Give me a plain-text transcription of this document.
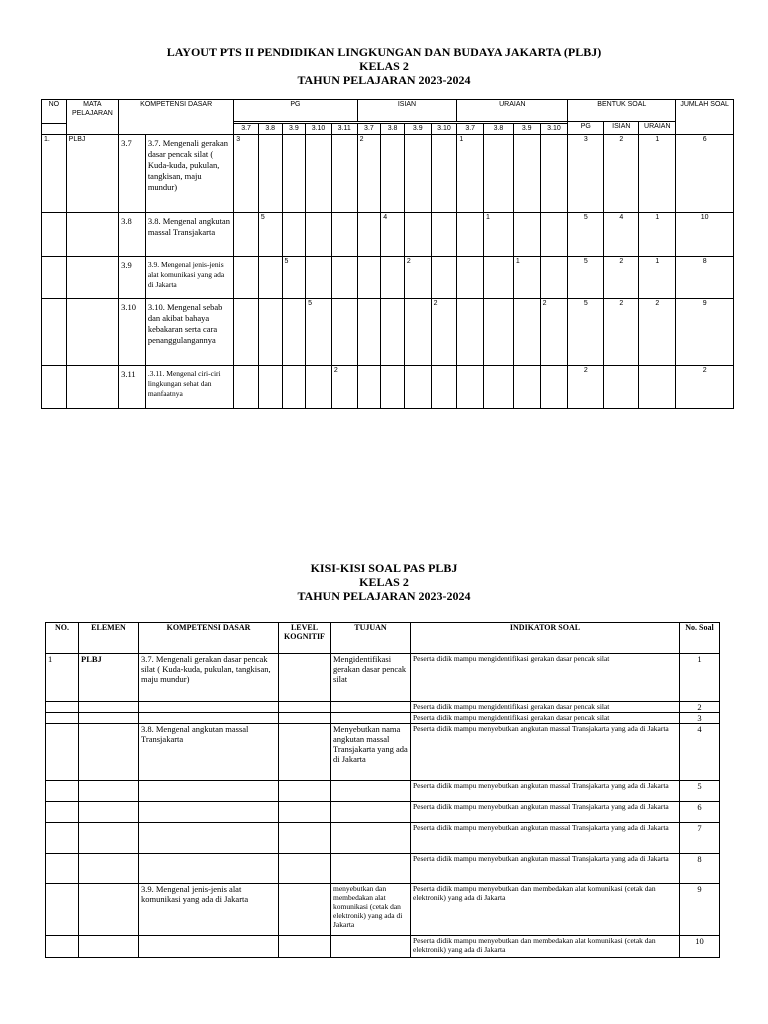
LAYOUT PTS II PENDIDIKAN LINGKUNGAN DAN BUDAYA JAKARTA (PLBJ)
KELAS 2
TAHUN PELAJARAN 2023-2024
NO	MATA PELAJARAN	KOMPETENSI DASAR		PG					ISIAN				URAIAN				BENTUK SOAL			JUMLAH SOAL
																	PG	ISIAN	URAIAN	
				3.7	3.8	3.9	3.10	3.11	3.7	3.8	3.9	3.10	3.7	3.8	3.9	3.10				
1.	PLBJ	3.7	3.7. Mengenali gerakan dasar pencak silat ( Kuda-kuda, pukulan, tangkisan, maju mundur)	3					2				1				3	2	1	6
		3.8	3.8. Mengenal angkutan massal Transjakarta		5					4				1			5	4	1	10
		3.9	3.9. Mengenal jenis-jenis alat komunikasi yang ada di Jakarta			5					2				1		5	2	1	8
		3.10	3.10. Mengenal sebab dan akibat bahaya kebakaran serta cara penanggulangannya				5					2				2	5	2	2	9
		3.11	.3.11. Mengenal ciri-ciri lingkungan sehat dan manfaatnya					2									2			2
KISI-KISI SOAL PAS PLBJ
KELAS 2
TAHUN PELAJARAN 2023-2024
NO.	ELEMEN	KOMPETENSI DASAR	LEVEL KOGNITIF	TUJUAN	INDIKATOR SOAL	No. Soal
1	PLBJ	3.7. Mengenali gerakan dasar pencak silat ( Kuda-kuda, pukulan, tangkisan, maju mundur)		Mengidentifikasi gerakan dasar pencak silat	Peserta didik mampu mengidentifikasi gerakan dasar pencak silat	1
					Peserta didik mampu mengidentifikasi gerakan dasar pencak silat	2
					Peserta didik mampu mengidentifikasi gerakan dasar pencak silat	3
		3.8. Mengenal angkutan massal Transjakarta		Menyebutkan nama angkutan massal Transjakarta yang ada di Jakarta	Peserta didik mampu menyebutkan angkutan massal Transjakarta yang ada di Jakarta	4
					Peserta didik mampu menyebutkan angkutan massal Transjakarta yang ada di Jakarta	5
					Peserta didik mampu menyebutkan angkutan massal Transjakarta yang ada di Jakarta	6
					Peserta didik mampu menyebutkan angkutan massal Transjakarta yang ada di Jakarta	7
					Peserta didik mampu menyebutkan angkutan massal Transjakarta yang ada di Jakarta	8
		3.9. Mengenal jenis-jenis alat komunikasi yang ada di Jakarta		menyebutkan dan membedakan alat komunikasi (cetak dan elektronik) yang ada di Jakarta	Peserta didik mampu menyebutkan dan membedakan alat komunikasi (cetak dan elektronik) yang ada di Jakarta	9
					Peserta didik mampu menyebutkan dan membedakan alat komunikasi (cetak dan elektronik) yang ada di Jakarta	10
